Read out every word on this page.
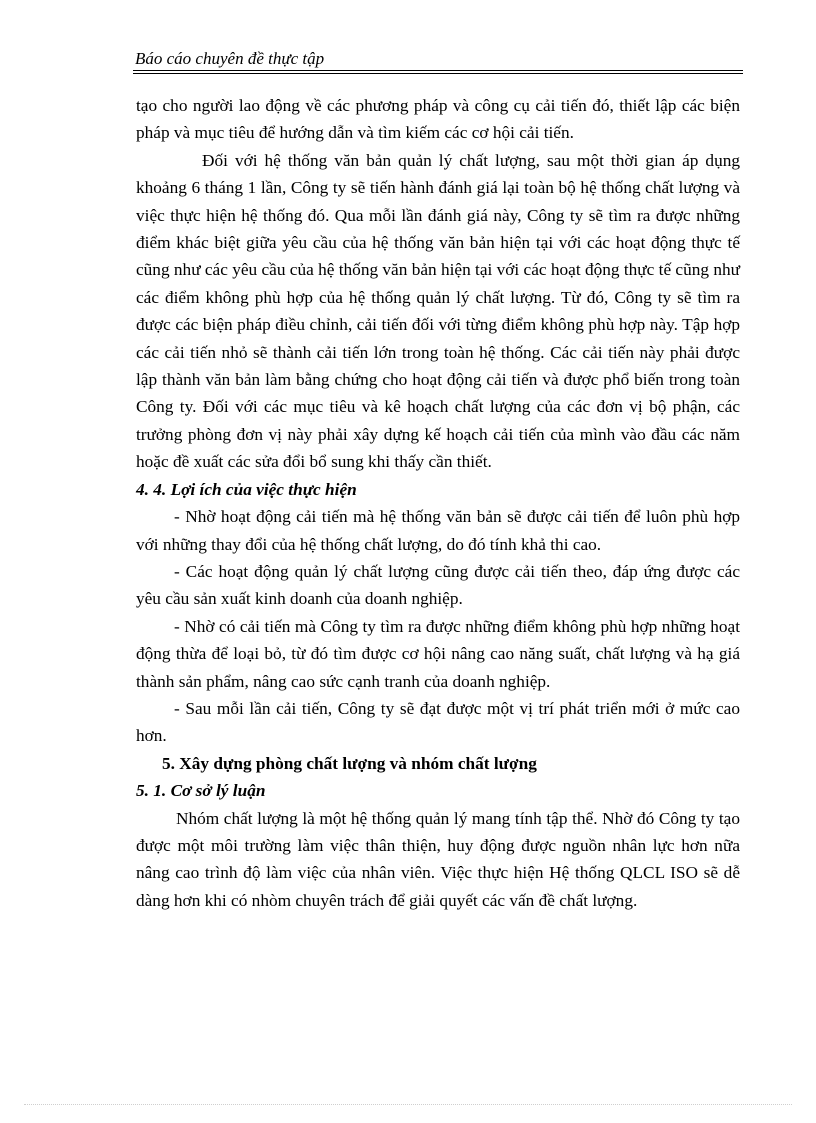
Báo cáo chuyên đề thực tập

tạo cho người lao động về các phương pháp và công cụ cải tiến đó, thiết lập các biện pháp và mục tiêu để hướng dẫn và tìm kiếm các cơ hội cải tiến.

Đối với hệ thống văn bản quản lý chất lượng, sau một thời gian áp dụng khoảng 6 tháng 1 lần, Công ty sẽ tiến hành đánh giá lại toàn bộ hệ thống chất lượng và việc thực hiện hệ thống đó. Qua mỗi lần đánh giá này, Công ty sẽ tìm ra được những điểm khác biệt giữa yêu cầu của hệ thống văn bản hiện tại với các hoạt động thực tế cũng như các yêu cầu của hệ thống văn bản hiện tại với các hoạt động thực tế cũng như các điểm không phù hợp của hệ thống quản lý chất lượng. Từ đó, Công ty sẽ tìm ra được các biện pháp điều chỉnh, cải tiến đối với từng điểm không phù hợp này. Tập hợp các cải tiến nhỏ sẽ thành cải tiến lớn trong toàn hệ thống. Các cải tiến này phải được lập thành văn bản làm bằng chứng cho hoạt động cải tiến và được phổ biến trong toàn Công ty. Đối với các mục tiêu và kê hoạch chất lượng của các đơn vị bộ phận, các trưởng phòng đơn vị này phải xây dựng kế hoạch cải tiến của mình vào đầu các năm hoặc đề xuất các sửa đổi bổ sung khi thấy cần thiết.

4. 4. Lợi ích của việc thực hiện

- Nhờ hoạt động cải tiến mà hệ thống văn bản sẽ được cải tiến để luôn phù hợp với những thay đổi của hệ thống chất lượng, do đó tính khả thi cao.

- Các hoạt động quản lý chất lượng cũng được cải tiến theo, đáp ứng được các yêu cầu sản xuất kinh doanh của doanh nghiệp.

- Nhờ có cải tiến mà Công ty tìm ra được những điểm không phù hợp những hoạt động thừa để loại bỏ, từ đó tìm được cơ hội nâng cao năng suất, chất lượng và hạ giá thành sản phẩm, nâng cao sức cạnh tranh của doanh nghiệp.

- Sau mỗi lần cải tiến, Công ty sẽ đạt được một vị trí phát triển mới ở mức cao hơn.

5. Xây dựng phòng chất lượng và nhóm chất lượng

5. 1. Cơ sở lý luận

Nhóm chất lượng là một hệ thống quản lý mang tính tập thể. Nhờ đó Công ty tạo được một môi trường làm việc thân thiện, huy động được nguồn nhân lực hơn nữa nâng cao trình độ làm việc của nhân viên. Việc thực hiện Hệ thống QLCL ISO sẽ dễ dàng hơn khi có nhòm chuyên trách để giải quyết các vấn đề chất lượng.
